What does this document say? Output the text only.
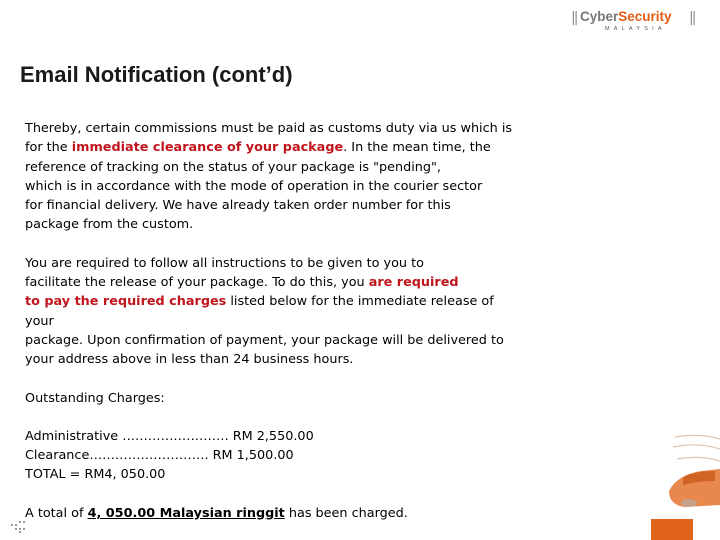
|| CyberSecurity ||
MALAYSIA
Email Notification (cont’d)

Thereby, certain commissions must be paid as customs duty via us which is
for the immediate clearance of your package. In the mean time, the
reference of tracking on the status of your package is "pending",
which is in accordance with the mode of operation in the courier sector
for financial delivery. We have already taken order number for this
package from the custom.

You are required to follow all instructions to be given to you to
facilitate the release of your package. To do this, you are required
to pay the required charges listed below for the immediate release of your
package. Upon confirmation of payment, your package will be delivered to
your address above in less than 24 business hours.

Outstanding Charges:

Administrative ……………………. RM 2,550.00
Clearance………………………. RM 1,500.00
TOTAL = RM4, 050.00

A total of 4, 050.00 Malaysian ringgit has been charged.
